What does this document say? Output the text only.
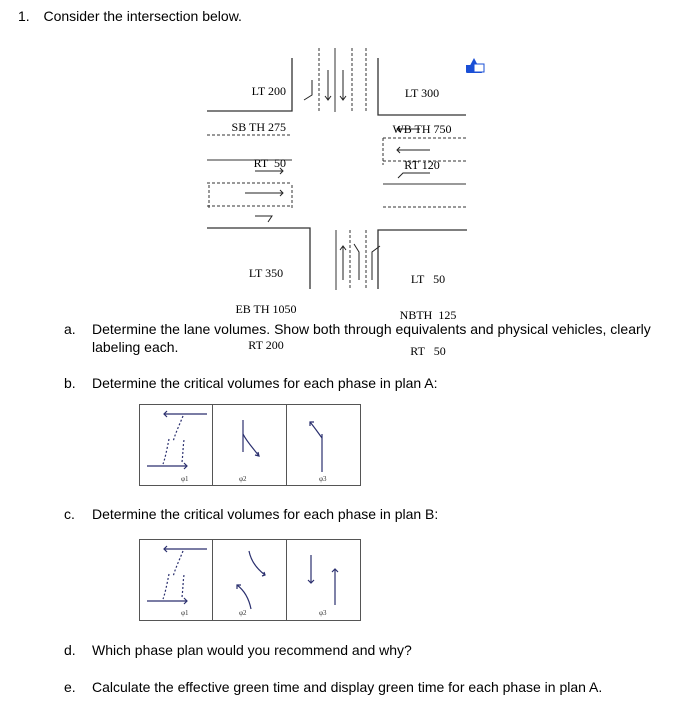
1. Consider the intersection below.

LT 200

SB TH 275

RT  50

LT 300

WB TH 750

RT 120

LT 350

EB TH 1050

RT 200

LT   50

NBTH  125

RT   50

a. Determine the lane volumes. Show both through equivalents and physical vehicles, clearly labeling each.
b. Determine the critical volumes for each phase in plan A:
φ1	φ2	φ3
c. Determine the critical volumes for each phase in plan B:
φ1	φ2	φ3
d. Which phase plan would you recommend and why?
e. Calculate the effective green time and display green time for each phase in plan A.
